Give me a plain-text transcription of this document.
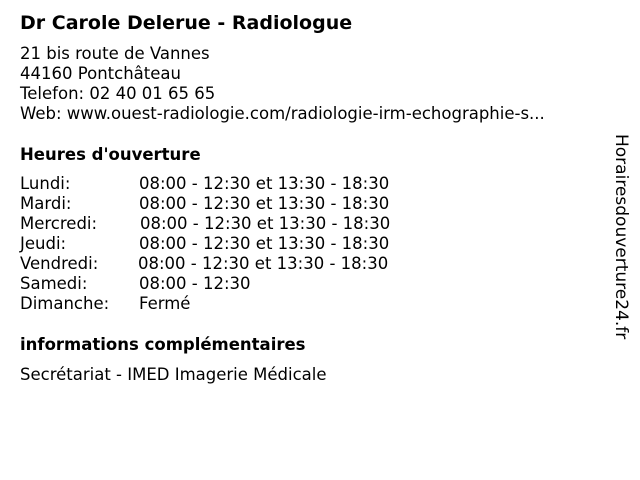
Dr Carole Delerue - Radiologue
21 bis route de Vannes
44160 Pontchâteau
Telefon: 02 40 01 65 65
Web: www.ouest-radiologie.com/radiologie-irm-echographie-s...
Heures d'ouverture
Lundi:	08:00 - 12:30 et 13:30 - 18:30
Mardi:	08:00 - 12:30 et 13:30 - 18:30
Mercredi:	08:00 - 12:30 et 13:30 - 18:30
Jeudi:	08:00 - 12:30 et 13:30 - 18:30
Vendredi: 08:00 - 12:30 et 13:30 - 18:30
Samedi:	08:00 - 12:30
Dimanche: Fermé
informations complémentaires
Secrétariat - IMED Imagerie Médicale
Horairesdouverture24.fr
